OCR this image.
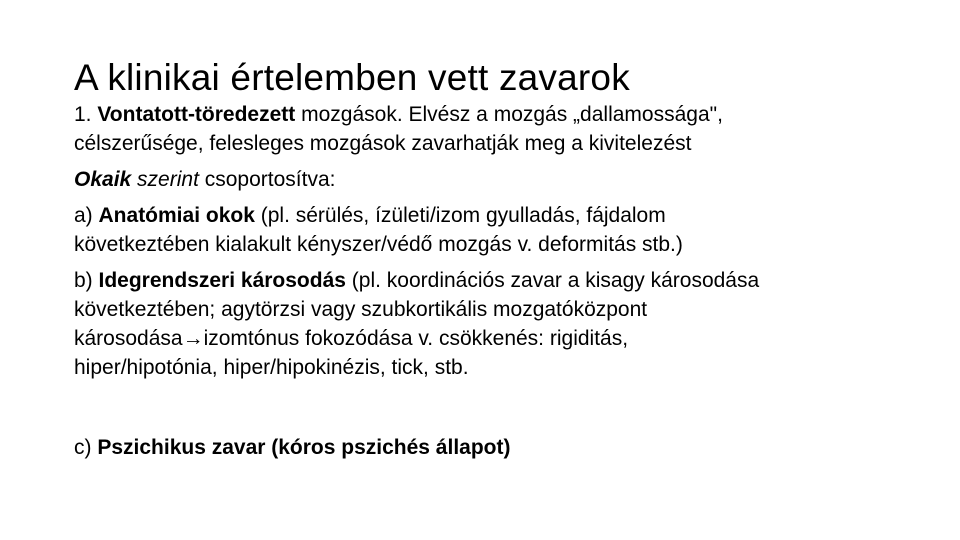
A klinikai értelemben vett zavarok
1. Vontatott-töredezett mozgások. Elvész a mozgás „dallamossága",
célszerűsége, felesleges mozgások zavarhatják meg a kivitelezést
Okaik szerint csoportosítva:
a) Anatómiai okok (pl. sérülés, ízületi/izom gyulladás, fájdalom
következtében kialakult kényszer/védő mozgás v. deformitás stb.)
b) Idegrendszeri károsodás (pl. koordinációs zavar a kisagy károsodása
következtében; agytörzsi vagy szubkortikális mozgatóközpont
károsodása→izomtónus fokozódása v. csökkenés: rigiditás,
hiper/hipotónia, hiper/hipokinézis, tick, stb.
c) Pszichikus zavar (kóros pszichés állapot)
